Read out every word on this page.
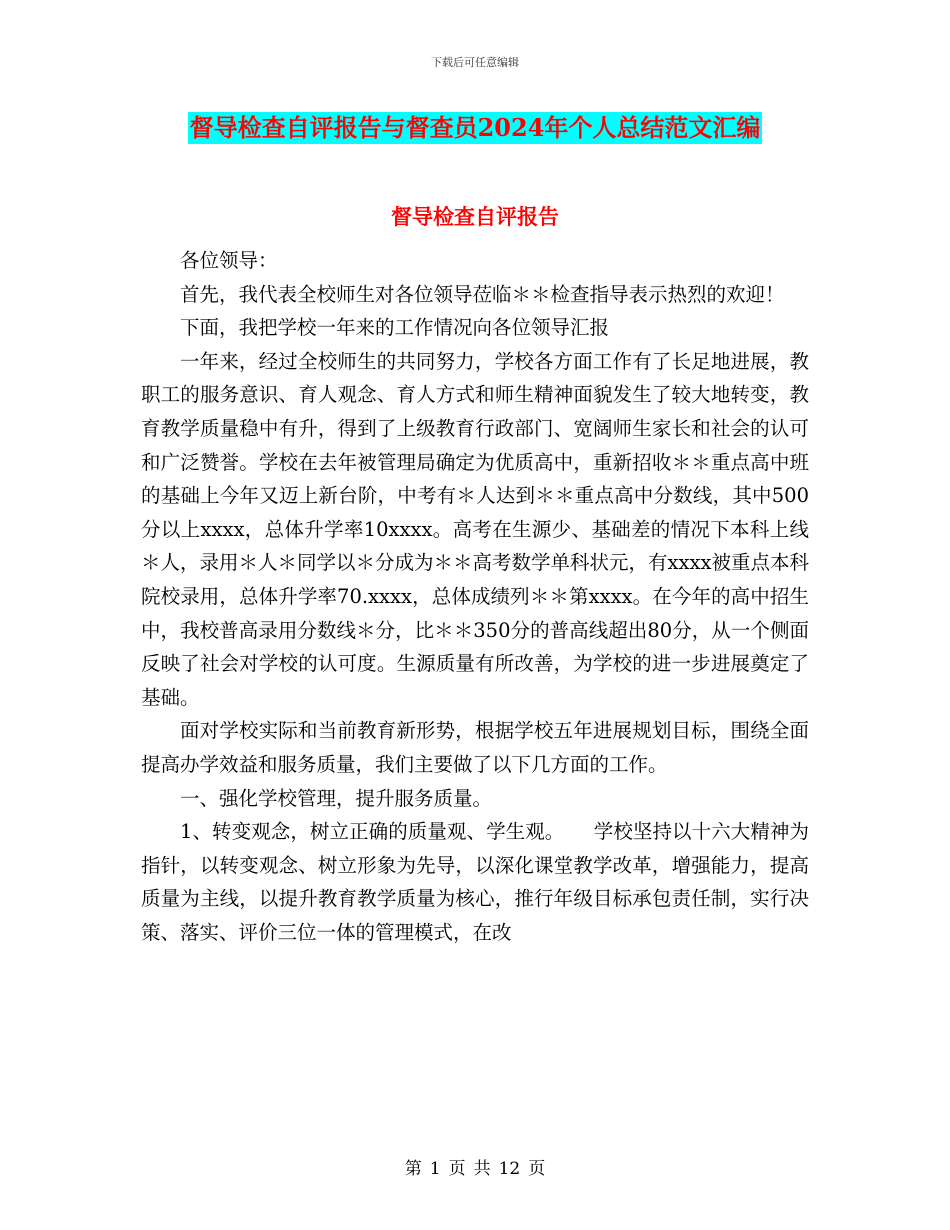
下载后可任意编辑
督导检查自评报告与督查员2024年个人总结范文汇编
督导检查自评报告

各位领导：

首先，我代表全校师生对各位领导莅临＊＊检查指导表示热烈的欢迎！

下面，我把学校一年来的工作情况向各位领导汇报

一年来，经过全校师生的共同努力，学校各方面工作有了长足地进展，教职工的服务意识、育人观念、育人方式和师生精神面貌发生了较大地转变，教育教学质量稳中有升，得到了上级教育行政部门、宽阔师生家长和社会的认可和广泛赞誉。学校在去年被管理局确定为优质高中，重新招收＊＊重点高中班的基础上今年又迈上新台阶，中考有＊人达到＊＊重点高中分数线，其中500分以上xxxx，总体升学率10xxxx。高考在生源少、基础差的情况下本科上线＊人，录用＊人＊同学以＊分成为＊＊高考数学单科状元，有xxxx被重点本科院校录用，总体升学率70.xxxx，总体成绩列＊＊第xxxx。在今年的高中招生中，我校普高录用分数线＊分，比＊＊350分的普高线超出80分，从一个侧面反映了社会对学校的认可度。生源质量有所改善，为学校的进一步进展奠定了基础。

面对学校实际和当前教育新形势，根据学校五年进展规划目标，围绕全面提高办学效益和服务质量，我们主要做了以下几方面的工作。

一、强化学校管理，提升服务质量。

1、转变观念，树立正确的质量观、学生观。　　学校坚持以十六大精神为指针，以转变观念、树立形象为先导，以深化课堂教学改革，增强能力，提高质量为主线，以提升教育教学质量为核心，推行年级目标承包责任制，实行决策、落实、评价三位一体的管理模式，在改

第 1 页 共 12 页
